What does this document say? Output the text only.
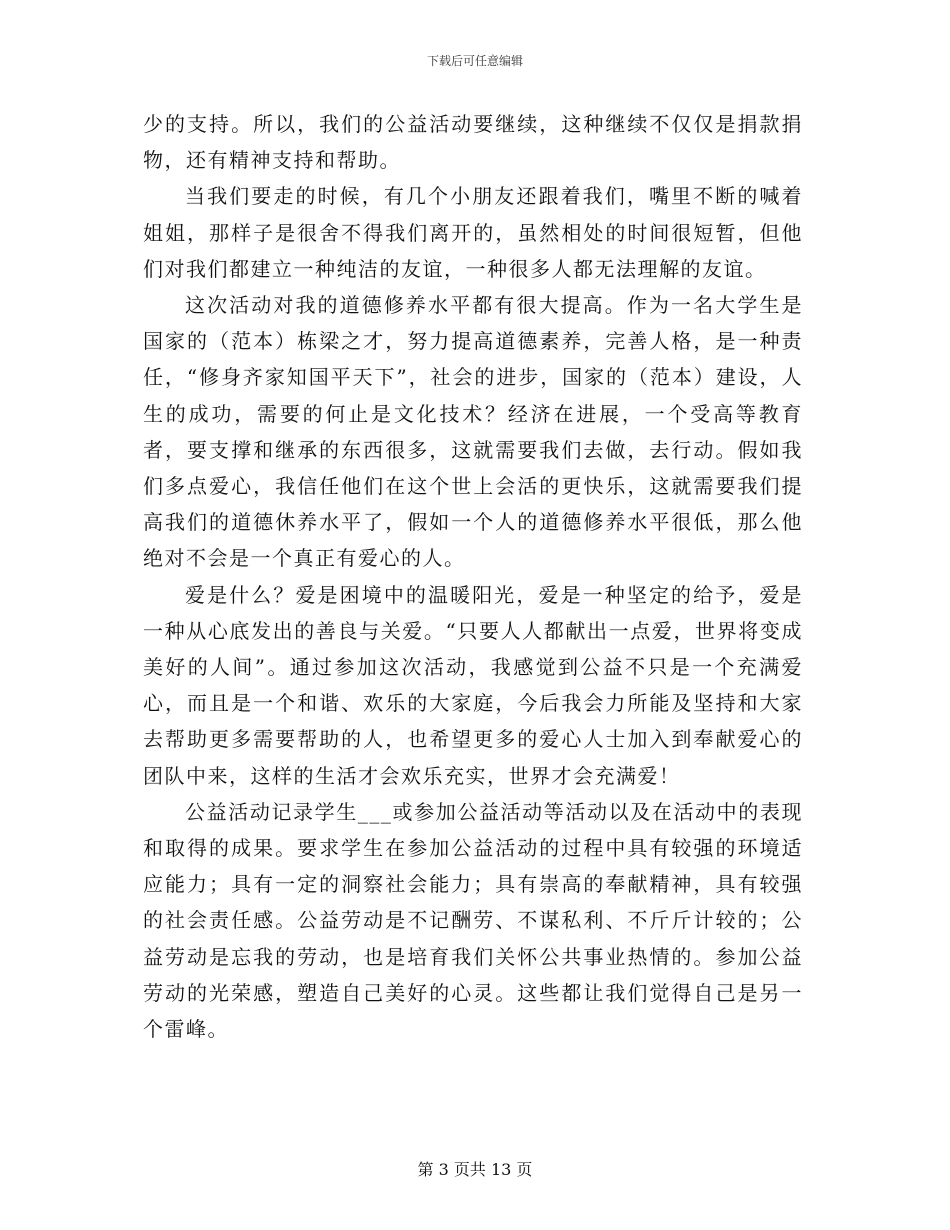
下载后可任意编辑

少的支持。所以，我们的公益活动要继续，这种继续不仅仅是捐款捐物，还有精神支持和帮助。

当我们要走的时候，有几个小朋友还跟着我们，嘴里不断的喊着姐姐，那样子是很舍不得我们离开的，虽然相处的时间很短暂，但他们对我们都建立一种纯洁的友谊，一种很多人都无法理解的友谊。

这次活动对我的道德修养水平都有很大提高。作为一名大学生是国家的（范本）栋梁之才，努力提高道德素养，完善人格，是一种责任，“修身齐家知国平天下”，社会的进步，国家的（范本）建设，人生的成功，需要的何止是文化技术？经济在进展，一个受高等教育者，要支撑和继承的东西很多，这就需要我们去做，去行动。假如我们多点爱心，我信任他们在这个世上会活的更快乐，这就需要我们提高我们的道德休养水平了，假如一个人的道德修养水平很低，那么他绝对不会是一个真正有爱心的人。

爱是什么？爱是困境中的温暖阳光，爱是一种坚定的给予，爱是一种从心底发出的善良与关爱。“只要人人都献出一点爱，世界将变成美好的人间”。通过参加这次活动，我感觉到公益不只是一个充满爱心，而且是一个和谐、欢乐的大家庭，今后我会力所能及坚持和大家去帮助更多需要帮助的人，也希望更多的爱心人士加入到奉献爱心的团队中来，这样的生活才会欢乐充实，世界才会充满爱！

公益活动记录学生___或参加公益活动等活动以及在活动中的表现和取得的成果。要求学生在参加公益活动的过程中具有较强的环境适应能力；具有一定的洞察社会能力；具有崇高的奉献精神，具有较强的社会责任感。公益劳动是不记酬劳、不谋私利、不斤斤计较的；公益劳动是忘我的劳动，也是培育我们关怀公共事业热情的。参加公益劳动的光荣感，塑造自己美好的心灵。这些都让我们觉得自己是另一个雷峰。

第 3 页共 13 页
